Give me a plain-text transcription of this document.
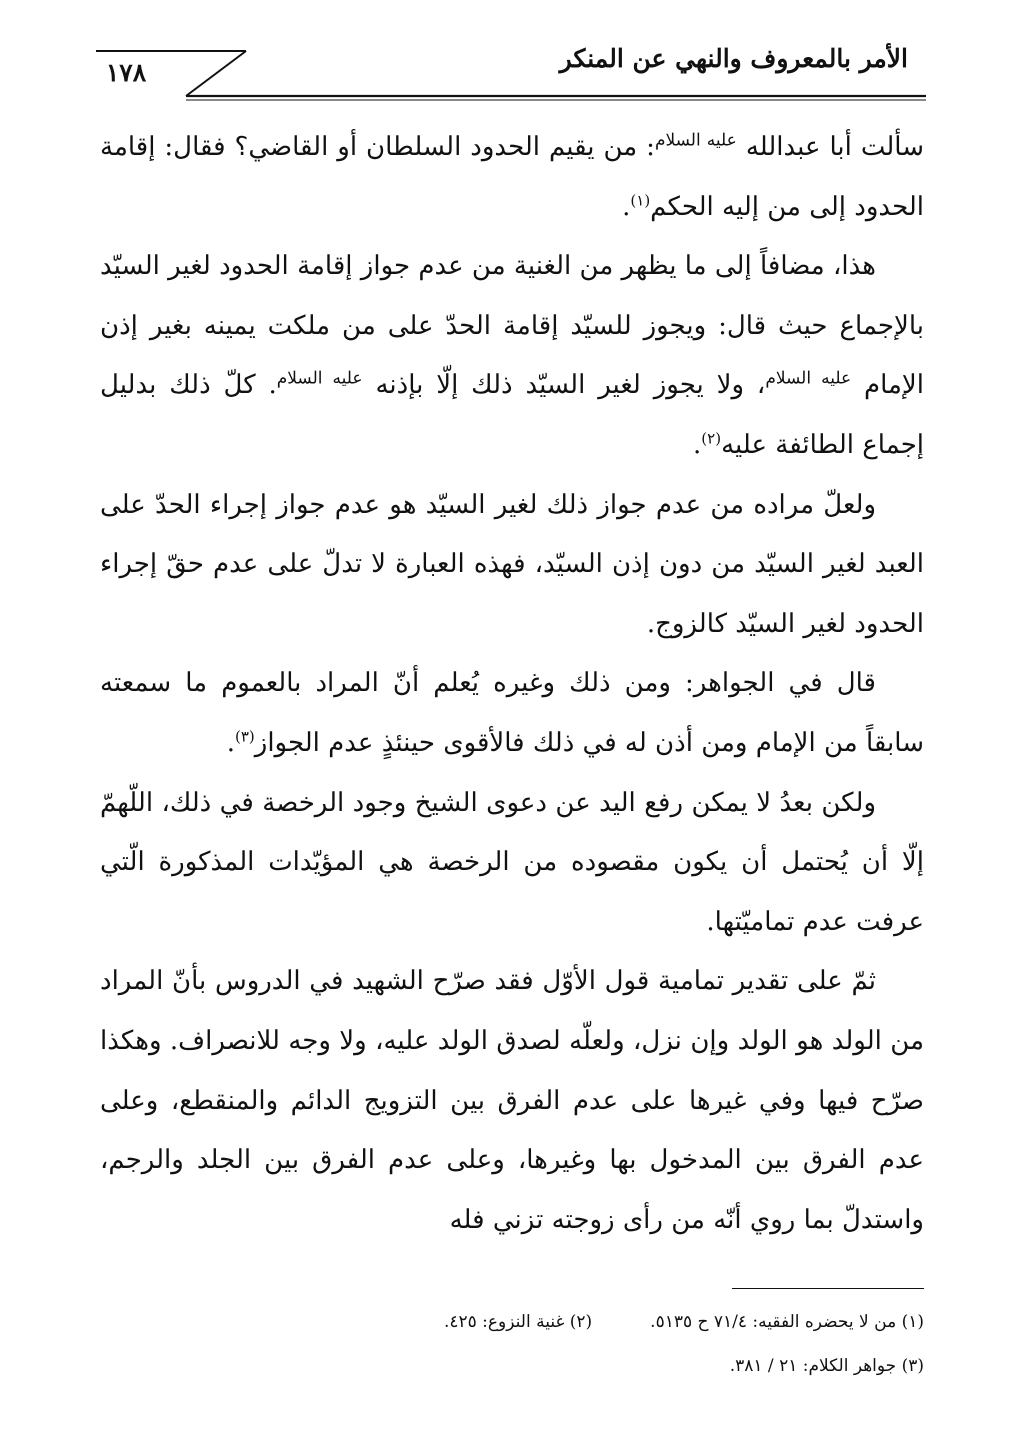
الأمر بالمعروف والنهي عن المنكر
١٧٨

سألت أبا عبدالله $^{عليه السلام}$: من يقيم الحدود السلطان أو القاضي؟ فقال: إقامة الحدود إلى من إليه الحكم$^{(١)}$.

هذا، مضافاً إلى ما يظهر من الغنية من عدم جواز إقامة الحدود لغير السيّد بالإجماع حيث قال: ويجوز للسيّد إقامة الحدّ على من ملكت يمينه بغير إذن الإمام $^{عليه السلام}$، ولا يجوز لغير السيّد ذلك إلّا بإذنه $^{عليه السلام}$. كلّ ذلك بدليل إجماع الطائفة عليه$^{(٢)}$.

ولعلّ مراده من عدم جواز ذلك لغير السيّد هو عدم جواز إجراء الحدّ على العبد لغير السيّد من دون إذن السيّد، فهذه العبارة لا تدلّ على عدم حقّ إجراء الحدود لغير السيّد كالزوج.

قال في الجواهر: ومن ذلك وغيره يُعلم أنّ المراد بالعموم ما سمعته سابقاً من الإمام ومن أذن له في ذلك فالأقوى حينئذٍ عدم الجواز$^{(٣)}$.

ولكن بعدُ لا يمكن رفع اليد عن دعوى الشيخ وجود الرخصة في ذلك، اللّهمّ إلّا أن يُحتمل أن يكون مقصوده من الرخصة هي المؤيّدات المذكورة الّتي عرفت عدم تماميّتها.

ثمّ على تقدير تمامية قول الأوّل فقد صرّح الشهيد في الدروس بأنّ المراد من الولد هو الولد وإن نزل، ولعلّه لصدق الولد عليه، ولا وجه للانصراف. وهكذا صرّح فيها وفي غيرها على عدم الفرق بين التزويج الدائم والمنقطع، وعلى عدم الفرق بين المدخول بها وغيرها، وعلى عدم الفرق بين الجلد والرجم، واستدلّ بما روي أنّه من رأى زوجته تزني فله

(١) من لا يحضره الفقيه: ٧١/٤ ح ٥١٣٥.
(٢) غنية النزوع: ٤٢٥.
(٣) جواهر الكلام: ٢١ / ٣٨١.
